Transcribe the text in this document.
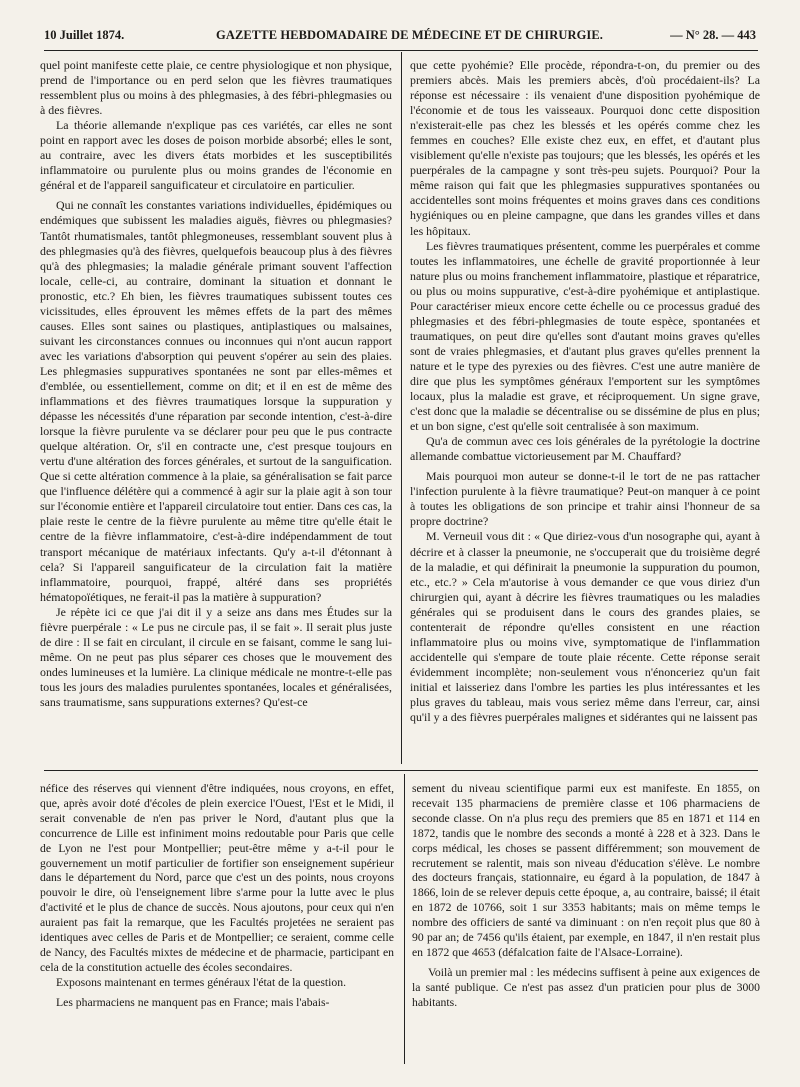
10 Juillet 1874.	GAZETTE HEBDOMADAIRE DE MÉDECINE ET DE CHIRURGIE.	— N° 28. — 443

quel point manifeste cette plaie, ce centre physiologique et non physique, prend de l'importance ou en perd selon que les fièvres traumatiques ressemblent plus ou moins à des phlegmasies, à des fébri-phlegmasies ou à des fièvres.

La théorie allemande n'explique pas ces variétés, car elles ne sont point en rapport avec les doses de poison morbide absorbé; elles le sont, au contraire, avec les divers états morbides et les susceptibilités inflammatoire ou purulente plus ou moins grandes de l'économie en général et de l'appareil sanguificateur et circulatoire en particulier.

Qui ne connaît les constantes variations individuelles, épidémiques ou endémiques que subissent les maladies aiguës, fièvres ou phlegmasies? Tantôt rhumatismales, tantôt phlegmoneuses, ressemblant souvent plus à des phlegmasies qu'à des fièvres, quelquefois beaucoup plus à des fièvres qu'à des phlegmasies; la maladie générale primant souvent l'affection locale, celle-ci, au contraire, dominant la situation et donnant le pronostic, etc.? Eh bien, les fièvres traumatiques subissent toutes ces vicissitudes, elles éprouvent les mêmes effets de la part des mêmes causes. Elles sont saines ou plastiques, antiplastiques ou malsaines, suivant les circonstances connues ou inconnues qui n'ont aucun rapport avec les variations d'absorption qui peuvent s'opérer au sein des plaies. Les phlegmasies suppuratives spontanées ne sont par elles-mêmes et d'emblée, ou essentiellement, comme on dit; et il en est de même des inflammations et des fièvres traumatiques lorsque la suppuration y dépasse les nécessités d'une réparation par seconde intention, c'est-à-dire lorsque la fièvre purulente va se déclarer pour peu que le pus contracte quelque altération. Or, s'il en contracte une, c'est presque toujours en vertu d'une altération des forces générales, et surtout de la sanguification. Que si cette altération commence à la plaie, sa généralisation se fait parce que l'influence délétère qui a commencé à agir sur la plaie agit à son tour sur l'économie entière et l'appareil circulatoire tout entier. Dans ces cas, la plaie reste le centre de la fièvre purulente au même titre qu'elle était le centre de la fièvre inflammatoire, c'est-à-dire indépendamment de tout transport mécanique de matériaux infectants. Qu'y a-t-il d'étonnant à cela? Si l'appareil sanguificateur de la circulation fait la matière inflammatoire, pourquoi, frappé, altéré dans ses propriétés hématopoïétiques, ne ferait-il pas la matière à suppuration?

Je répète ici ce que j'ai dit il y a seize ans dans mes Études sur la fièvre puerpérale : « Le pus ne circule pas, il se fait ». Il serait plus juste de dire : Il se fait en circulant, il circule en se faisant, comme le sang lui-même. On ne peut pas plus séparer ces choses que le mouvement des ondes lumineuses et la lumière. La clinique médicale ne montre-t-elle pas tous les jours des maladies purulentes spontanées, locales et généralisées, sans traumatisme, sans suppurations externes? Qu'est-ce

que cette pyohémie? Elle procède, répondra-t-on, du premier ou des premiers abcès. Mais les premiers abcès, d'où procédaient-ils? La réponse est nécessaire : ils venaient d'une disposition pyohémique de l'économie et de tous les vaisseaux. Pourquoi donc cette disposition n'existerait-elle pas chez les blessés et les opérés comme chez les femmes en couches? Elle existe chez eux, en effet, et d'autant plus visiblement qu'elle n'existe pas toujours; que les blessés, les opérés et les puerpérales de la campagne y sont très-peu sujets. Pourquoi? Pour la même raison qui fait que les phlegmasies suppuratives spontanées ou accidentelles sont moins fréquentes et moins graves dans ces conditions hygiéniques ou en pleine campagne, que dans les grandes villes et dans les hôpitaux.

Les fièvres traumatiques présentent, comme les puerpérales et comme toutes les inflammatoires, une échelle de gravité proportionnée à leur nature plus ou moins franchement inflammatoire, plastique et réparatrice, ou plus ou moins suppurative, c'est-à-dire pyohémique et antiplastique. Pour caractériser mieux encore cette échelle ou ce processus gradué des phlegmasies et des fébri-phlegmasies de toute espèce, spontanées et traumatiques, on peut dire qu'elles sont d'autant moins graves qu'elles sont de vraies phlegmasies, et d'autant plus graves qu'elles prennent la nature et le type des pyrexies ou des fièvres. C'est une autre manière de dire que plus les symptômes généraux l'emportent sur les symptômes locaux, plus la maladie est grave, et réciproquement. Un signe grave, c'est donc que la maladie se décentralise ou se dissémine de plus en plus; et un bon signe, c'est qu'elle soit centralisée à son maximum.

Qu'a de commun avec ces lois générales de la pyrétologie la doctrine allemande combattue victorieusement par M. Chauffard?

Mais pourquoi mon auteur se donne-t-il le tort de ne pas rattacher l'infection purulente à la fièvre traumatique? Peut-on manquer à ce point à toutes les obligations de son principe et trahir ainsi l'honneur de sa propre doctrine?

M. Verneuil vous dit : « Que diriez-vous d'un nosographe qui, ayant à décrire et à classer la pneumonie, ne s'occuperait que du troisième degré de la maladie, et qui définirait la pneumonie la suppuration du poumon, etc., etc.? » Cela m'autorise à vous demander ce que vous diriez d'un chirurgien qui, ayant à décrire les fièvres traumatiques ou les maladies générales qui se produisent dans le cours des grandes plaies, se contenterait de répondre qu'elles consistent en une réaction inflammatoire plus ou moins vive, symptomatique de l'inflammation accidentelle qui s'empare de toute plaie récente. Cette réponse serait évidemment incomplète; non-seulement vous n'énonceriez qu'un fait initial et laisseriez dans l'ombre les parties les plus intéressantes et les plus graves du tableau, mais vous seriez même dans l'erreur, car, ainsi qu'il y a des fièvres puerpérales malignes et sidérantes qui ne laissent pas

néfice des réserves qui viennent d'être indiquées, nous croyons, en effet, que, après avoir doté d'écoles de plein exercice l'Ouest, l'Est et le Midi, il serait convenable de n'en pas priver le Nord, d'autant plus que la concurrence de Lille est infiniment moins redoutable pour Paris que celle de Lyon ne l'est pour Montpellier; peut-être même y a-t-il pour le gouvernement un motif particulier de fortifier son enseignement supérieur dans le département du Nord, parce que c'est un des points, nous croyons pouvoir le dire, où l'enseignement libre s'arme pour la lutte avec le plus d'activité et le plus de chance de succès. Nous ajoutons, pour ceux qui n'en auraient pas fait la remarque, que les Facultés projetées ne seraient pas identiques avec celles de Paris et de Montpellier; ce seraient, comme celle de Nancy, des Facultés mixtes de médecine et de pharmacie, participant en cela de la constitution actuelle des écoles secondaires.

Exposons maintenant en termes généraux l'état de la question.

Les pharmaciens ne manquent pas en France; mais l'abais-

sement du niveau scientifique parmi eux est manifeste. En 1855, on recevait 135 pharmaciens de première classe et 106 pharmaciens de seconde classe. On n'a plus reçu des premiers que 85 en 1871 et 114 en 1872, tandis que le nombre des seconds a monté à 228 et à 323. Dans le corps médical, les choses se passent différemment; son mouvement de recrutement se ralentit, mais son niveau d'éducation s'élève. Le nombre des docteurs français, stationnaire, eu égard à la population, de 1847 à 1866, loin de se relever depuis cette époque, a, au contraire, baissé; il était en 1872 de 10766, soit 1 sur 3353 habitants; mais on même temps le nombre des officiers de santé va diminuant : on n'en reçoit plus que 80 à 90 par an; de 7456 qu'ils étaient, par exemple, en 1847, il n'en restait plus en 1872 que 4653 (défalcation faite de l'Alsace-Lorraine).

Voilà un premier mal : les médecins suffisent à peine aux exigences de la santé publique. Ce n'est pas assez d'un praticien pour plus de 3000 habitants.
